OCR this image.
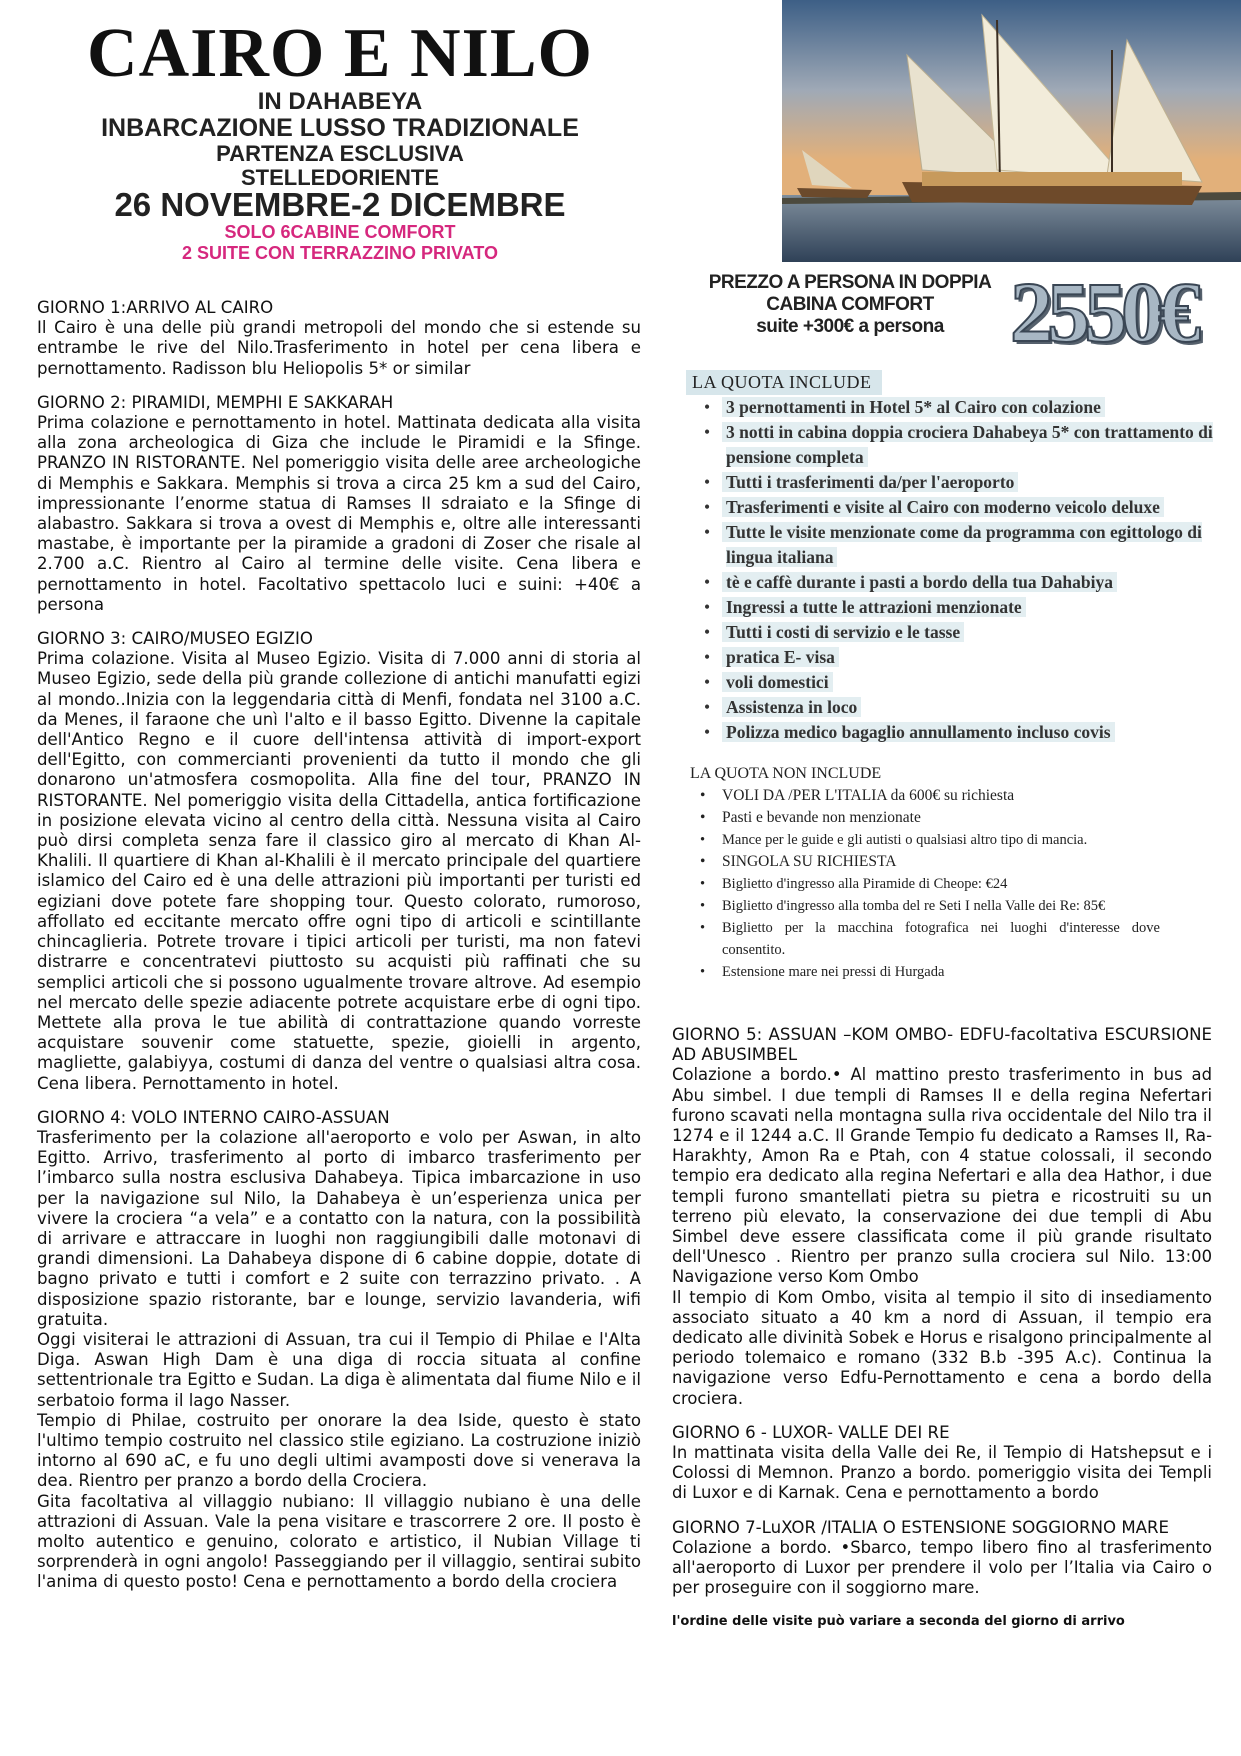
CAIRO E NILO
IN DAHABEYA
INBARCAZIONE LUSSO TRADIZIONALE
PARTENZA ESCLUSIVA
STELLEDORIENTE
26 NOVEMBRE-2 DICEMBRE
SOLO 6CABINE COMFORT
2 SUITE CON TERRAZZINO PRIVATO
PREZZO A PERSONA IN DOPPIA
CABINA COMFORT
suite +300€ a persona 2550€
LA QUOTA INCLUDE
• 3 pernottamenti in Hotel 5* al Cairo con colazione
• 3 notti in cabina doppia crociera Dahabeya 5* con trattamento di pensione completa
• Tutti i trasferimenti da/per l'aeroporto
• Trasferimenti e visite al Cairo con moderno veicolo deluxe
• Tutte le visite menzionate come da programma con egittologo di lingua italiana
• tè e caffè durante i pasti a bordo della tua Dahabiya
• Ingressi a tutte le attrazioni menzionate
• Tutti i costi di servizio e le tasse
• pratica E- visa
• voli domestici
• Assistenza in loco
• Polizza medico bagaglio annullamento incluso covis
LA QUOTA NON INCLUDE
• VOLI DA /PER L'ITALIA da 600€ su richiesta
• Pasti e bevande non menzionate
• Mance per le guide e gli autisti o qualsiasi altro tipo di mancia.
• SINGOLA SU RICHIESTA
• Biglietto d'ingresso alla Piramide di Cheope: €24
• Biglietto d'ingresso alla tomba del re Seti I nella Valle dei Re: 85€
• Biglietto per la macchina fotografica nei luoghi d'interesse dove consentito.
• Estensione mare nei pressi di Hurgada
GIORNO 1:ARRIVO AL CAIRO

Il Cairo è una delle più grandi metropoli del mondo che si estende su entrambe le rive del Nilo.Trasferimento in hotel per cena libera e pernottamento. Radisson blu Heliopolis 5* or similar

GIORNO 2: PIRAMIDI, MEMPHI E SAKKARAH

Prima colazione e pernottamento in hotel. Mattinata dedicata alla visita alla zona archeologica di Giza che include le Piramidi e la Sfinge. PRANZO IN RISTORANTE. Nel pomeriggio visita delle aree archeologiche di Memphis e Sakkara. Memphis si trova a circa 25 km a sud del Cairo, impressionante l’enorme statua di Ramses II sdraiato e la Sfinge di alabastro. Sakkara si trova a ovest di Memphis e, oltre alle interessanti mastabe, è importante per la piramide a gradoni di Zoser che risale al 2.700 a.C. Rientro al Cairo al termine delle visite. Cena libera e pernottamento in hotel. Facoltativo spettacolo luci e suini: +40€ a persona

GIORNO 3: CAIRO/MUSEO EGIZIO

Prima colazione. Visita al Museo Egizio. Visita di 7.000 anni di storia al Museo Egizio, sede della più grande collezione di antichi manufatti egizi al mondo..Inizia con la leggendaria città di Menfi, fondata nel 3100 a.C. da Menes, il faraone che unì l'alto e il basso Egitto. Divenne la capitale dell'Antico Regno e il cuore dell'intensa attività di import-export dell'Egitto, con commercianti provenienti da tutto il mondo che gli donarono un'atmosfera cosmopolita. Alla fine del tour, PRANZO IN RISTORANTE. Nel pomeriggio visita della Cittadella, antica fortificazione in posizione elevata vicino al centro della città. Nessuna visita al Cairo può dirsi completa senza fare il classico giro al mercato di Khan Al-Khalili. Il quartiere di Khan al-Khalili è il mercato principale del quartiere islamico del Cairo ed è una delle attrazioni più importanti per turisti ed egiziani dove potete fare shopping tour. Questo colorato, rumoroso, affollato ed eccitante mercato offre ogni tipo di articoli e scintillante chincaglieria. Potrete trovare i tipici articoli per turisti, ma non fatevi distrarre e concentratevi piuttosto su acquisti più raffinati che su semplici articoli che si possono ugualmente trovare altrove. Ad esempio nel mercato delle spezie adiacente potrete acquistare erbe di ogni tipo. Mettete alla prova le tue abilità di contrattazione quando vorreste acquistare souvenir come statuette, spezie, gioielli in argento, magliette, galabiyya, costumi di danza del ventre o qualsiasi altra cosa. Cena libera. Pernottamento in hotel.

GIORNO 4: VOLO INTERNO CAIRO-ASSUAN

Trasferimento per la colazione all'aeroporto e volo per Aswan, in alto Egitto. Arrivo, trasferimento al porto di imbarco trasferimento per l’imbarco sulla nostra esclusiva Dahabeya. Tipica imbarcazione in uso per la navigazione sul Nilo, la Dahabeya è un’esperienza unica per vivere la crociera “a vela” e a contatto con la natura, con la possibilità di arrivare e attraccare in luoghi non raggiungibili dalle motonavi di grandi dimensioni. La Dahabeya dispone di 6 cabine doppie, dotate di bagno privato e tutti i comfort e 2 suite con terrazzino privato. . A disposizione spazio ristorante, bar e lounge, servizio lavanderia, wifi gratuita.

Oggi visiterai le attrazioni di Assuan, tra cui il Tempio di Philae e l'Alta Diga. Aswan High Dam è una diga di roccia situata al confine settentrionale tra Egitto e Sudan. La diga è alimentata dal fiume Nilo e il serbatoio forma il lago Nasser.

Tempio di Philae, costruito per onorare la dea Iside, questo è stato l'ultimo tempio costruito nel classico stile egiziano. La costruzione iniziò intorno al 690 aC, e fu uno degli ultimi avamposti dove si venerava la dea. Rientro per pranzo a bordo della Crociera.

Gita facoltativa al villaggio nubiano: Il villaggio nubiano è una delle attrazioni di Assuan. Vale la pena visitare e trascorrere 2 ore. Il posto è molto autentico e genuino, colorato e artistico, il Nubian Village ti sorprenderà in ogni angolo! Passeggiando per il villaggio, sentirai subito l'anima di questo posto! Cena e pernottamento a bordo della crociera

GIORNO 5: ASSUAN –KOM OMBO- EDFU-facoltativa ESCURSIONE AD ABUSIMBEL

Colazione a bordo.• Al mattino presto trasferimento in bus ad Abu simbel. I due templi di Ramses II e della regina Nefertari furono scavati nella montagna sulla riva occidentale del Nilo tra il 1274 e il 1244 a.C. Il Grande Tempio fu dedicato a Ramses II, Ra-Harakhty, Amon Ra e Ptah, con 4 statue colossali, il secondo tempio era dedicato alla regina Nefertari e alla dea Hathor, i due templi furono smantellati pietra su pietra e ricostruiti su un terreno più elevato, la conservazione dei due templi di Abu Simbel deve essere classificata come il più grande risultato dell'Unesco . Rientro per pranzo sulla crociera sul Nilo. 13:00 Navigazione verso Kom Ombo

Il tempio di Kom Ombo, visita al tempio il sito di insediamento associato situato a 40 km a nord di Assuan, il tempio era dedicato alle divinità Sobek e Horus e risalgono principalmente al periodo tolemaico e romano (332 B.b -395 A.c). Continua la navigazione verso Edfu-Pernottamento e cena a bordo della crociera.

GIORNO 6 - LUXOR- VALLE DEI RE

In mattinata visita della Valle dei Re, il Tempio di Hatshepsut e i Colossi di Memnon. Pranzo a bordo. pomeriggio visita dei Templi di Luxor e di Karnak. Cena e pernottamento a bordo

GIORNO 7-LuXOR /ITALIA O ESTENSIONE SOGGIORNO MARE

Colazione a bordo. •Sbarco, tempo libero fino al trasferimento all'aeroporto di Luxor per prendere il volo per l’Italia via Cairo o per proseguire con il soggiorno mare.

l'ordine delle visite può variare a seconda del giorno di arrivo
